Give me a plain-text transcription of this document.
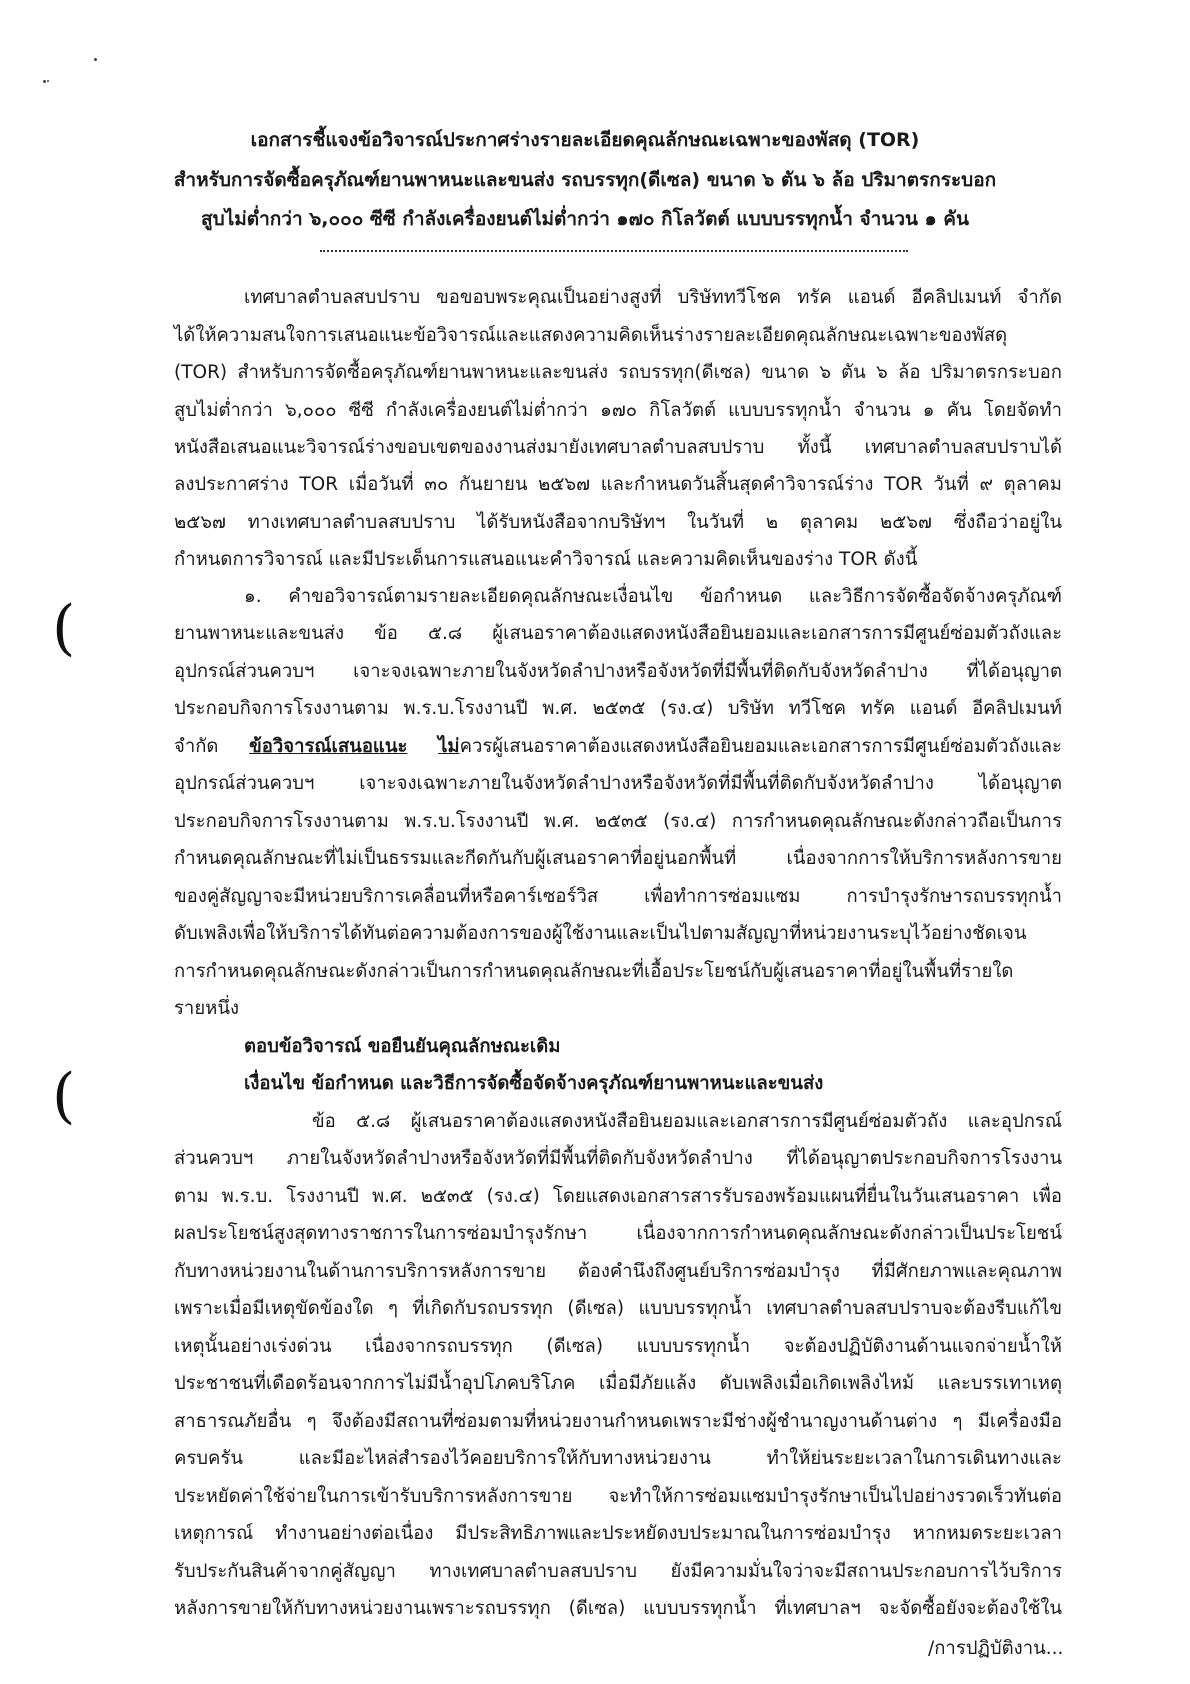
เอกสารชี้แจงข้อวิจารณ์ประกาศร่างรายละเอียดคุณลักษณะเฉพาะของพัสดุ (TOR)
สำหรับการจัดซื้อครุภัณฑ์ยานพาหนะและขนส่ง รถบรรทุก(ดีเซล) ขนาด ๖ ตัน ๖ ล้อ ปริมาตรกระบอก
สูบไม่ต่ำกว่า ๖,๐๐๐ ซีซี กำลังเครื่องยนต์ไม่ต่ำกว่า ๑๗๐ กิโลวัตต์ แบบบรรทุกน้ำ จำนวน ๑ คัน
เทศบาลตำบลสบปราบ ขอขอบพระคุณเป็นอย่างสูงที่ บริษัททวีโชค ทรัค แอนด์ อีคลิปเมนท์ จำกัด
ได้ให้ความสนใจการเสนอแนะข้อวิจารณ์และแสดงความคิดเห็นร่างรายละเอียดคุณลักษณะเฉพาะของพัสดุ
(TOR) สำหรับการจัดซื้อครุภัณฑ์ยานพาหนะและขนส่ง รถบรรทุก(ดีเซล) ขนาด ๖ ตัน ๖ ล้อ ปริมาตรกระบอก
สูบไม่ต่ำกว่า ๖,๐๐๐ ซีซี กำลังเครื่องยนต์ไม่ต่ำกว่า ๑๗๐ กิโลวัตต์ แบบบรรทุกน้ำ จำนวน ๑ คัน โดยจัดทำ
หนังสือเสนอแนะวิจารณ์ร่างขอบเขตของงานส่งมายังเทศบาลตำบลสบปราบ ทั้งนี้ เทศบาลตำบลสบปราบได้
ลงประกาศร่าง TOR เมื่อวันที่ ๓๐ กันยายน ๒๕๖๗ และกำหนดวันสิ้นสุดคำวิจารณ์ร่าง TOR วันที่ ๙ ตุลาคม
๒๕๖๗ ทางเทศบาลตำบลสบปราบ ได้รับหนังสือจากบริษัทฯ ในวันที่ ๒ ตุลาคม ๒๕๖๗ ซึ่งถือว่าอยู่ใน
กำหนดการวิจารณ์ และมีประเด็นการแสนอแนะคำวิจารณ์ และความคิดเห็นของร่าง TOR ดังนี้
๑. คำขอวิจารณ์ตามรายละเอียดคุณลักษณะเงื่อนไข ข้อกำหนด และวิธีการจัดซื้อจัดจ้างครุภัณฑ์
ยานพาหนะและขนส่ง ข้อ ๕.๘ ผู้เสนอราคาต้องแสดงหนังสือยินยอมและเอกสารการมีศูนย์ซ่อมตัวถังและ
อุปกรณ์ส่วนควบฯ เจาะจงเฉพาะภายในจังหวัดลำปางหรือจังหวัดที่มีพื้นที่ติดกับจังหวัดลำปาง ที่ได้อนุญาต
ประกอบกิจการโรงงานตาม พ.ร.บ.โรงงานปี พ.ศ. ๒๕๓๕ (รง.๔) บริษัท ทวีโชค ทรัค แอนด์ อีคลิปเมนท์
จำกัด ข้อวิจารณ์เสนอแนะ ไม่ควรผู้เสนอราคาต้องแสดงหนังสือยินยอมและเอกสารการมีศูนย์ซ่อมตัวถังและ
อุปกรณ์ส่วนควบฯ เจาะจงเฉพาะภายในจังหวัดลำปางหรือจังหวัดที่มีพื้นที่ติดกับจังหวัดลำปาง ได้อนุญาต
ประกอบกิจการโรงงานตาม พ.ร.บ.โรงงานปี พ.ศ. ๒๕๓๕ (รง.๔) การกำหนดคุณลักษณะดังกล่าวถือเป็นการ
กำหนดคุณลักษณะที่ไม่เป็นธรรมและกีดกันกับผู้เสนอราคาที่อยู่นอกพื้นที่ เนื่องจากการให้บริการหลังการขาย
ของคู่สัญญาจะมีหน่วยบริการเคลื่อนที่หรือคาร์เซอร์วิส เพื่อทำการซ่อมแซม การบำรุงรักษารถบรรทุกน้ำ
ดับเพลิงเพื่อให้บริการได้ทันต่อความต้องการของผู้ใช้งานและเป็นไปตามสัญญาที่หน่วยงานระบุไว้อย่างชัดเจน
การกำหนดคุณลักษณะดังกล่าวเป็นการกำหนดคุณลักษณะที่เอื้อประโยชน์กับผู้เสนอราคาที่อยู่ในพื้นที่รายใด
รายหนึ่ง
ตอบข้อวิจารณ์ ขอยืนยันคุณลักษณะเดิม
เงื่อนไข ข้อกำหนด และวิธีการจัดซื้อจัดจ้างครุภัณฑ์ยานพาหนะและขนส่ง
ข้อ ๕.๘ ผู้เสนอราคาต้องแสดงหนังสือยินยอมและเอกสารการมีศูนย์ซ่อมตัวถัง และอุปกรณ์
ส่วนควบฯ ภายในจังหวัดลำปางหรือจังหวัดที่มีพื้นที่ติดกับจังหวัดลำปาง ที่ได้อนุญาตประกอบกิจการโรงงาน
ตาม พ.ร.บ. โรงงานปี พ.ศ. ๒๕๓๕ (รง.๔) โดยแสดงเอกสารสารรับรองพร้อมแผนที่ยื่นในวันเสนอราคา เพื่อ
ผลประโยชน์สูงสุดทางราชการในการซ่อมบำรุงรักษา เนื่องจากการกำหนดคุณลักษณะดังกล่าวเป็นประโยชน์
กับทางหน่วยงานในด้านการบริการหลังการขาย ต้องคำนึงถึงศูนย์บริการซ่อมบำรุง ที่มีศักยภาพและคุณภาพ
เพราะเมื่อมีเหตุขัดข้องใด ๆ ที่เกิดกับรถบรรทุก (ดีเซล) แบบบรรทุกน้ำ เทศบาลตำบลสบปราบจะต้องรีบแก้ไข
เหตุนั้นอย่างเร่งด่วน เนื่องจากรถบรรทุก (ดีเซล) แบบบรรทุกน้ำ จะต้องปฏิบัติงานด้านแจกจ่ายน้ำให้
ประชาชนที่เดือดร้อนจากการไม่มีน้ำอุปโภคบริโภค เมื่อมีภัยแล้ง ดับเพลิงเมื่อเกิดเพลิงไหม้ และบรรเทาเหตุ
สาธารณภัยอื่น ๆ จึงต้องมีสถานที่ซ่อมตามที่หน่วยงานกำหนดเพราะมีช่างผู้ชำนาญงานด้านต่าง ๆ มีเครื่องมือ
ครบครัน และมีอะไหล่สำรองไว้คอยบริการให้กับทางหน่วยงาน ทำให้ย่นระยะเวลาในการเดินทางและ
ประหยัดค่าใช้จ่ายในการเข้ารับบริการหลังการขาย จะทำให้การซ่อมแซมบำรุงรักษาเป็นไปอย่างรวดเร็วทันต่อ
เหตุการณ์ ทำงานอย่างต่อเนื่อง มีประสิทธิภาพและประหยัดงบประมาณในการซ่อมบำรุง หากหมดระยะเวลา
รับประกันสินค้าจากคู่สัญญา ทางเทศบาลตำบลสบปราบ ยังมีความมั่นใจว่าจะมีสถานประกอบการไว้บริการ
หลังการขายให้กับทางหน่วยงานเพราะรถบรรทุก (ดีเซล) แบบบรรทุกน้ำ ที่เทศบาลฯ จะจัดซื้อยังจะต้องใช้ใน
(
(
/การปฏิบัติงาน...
